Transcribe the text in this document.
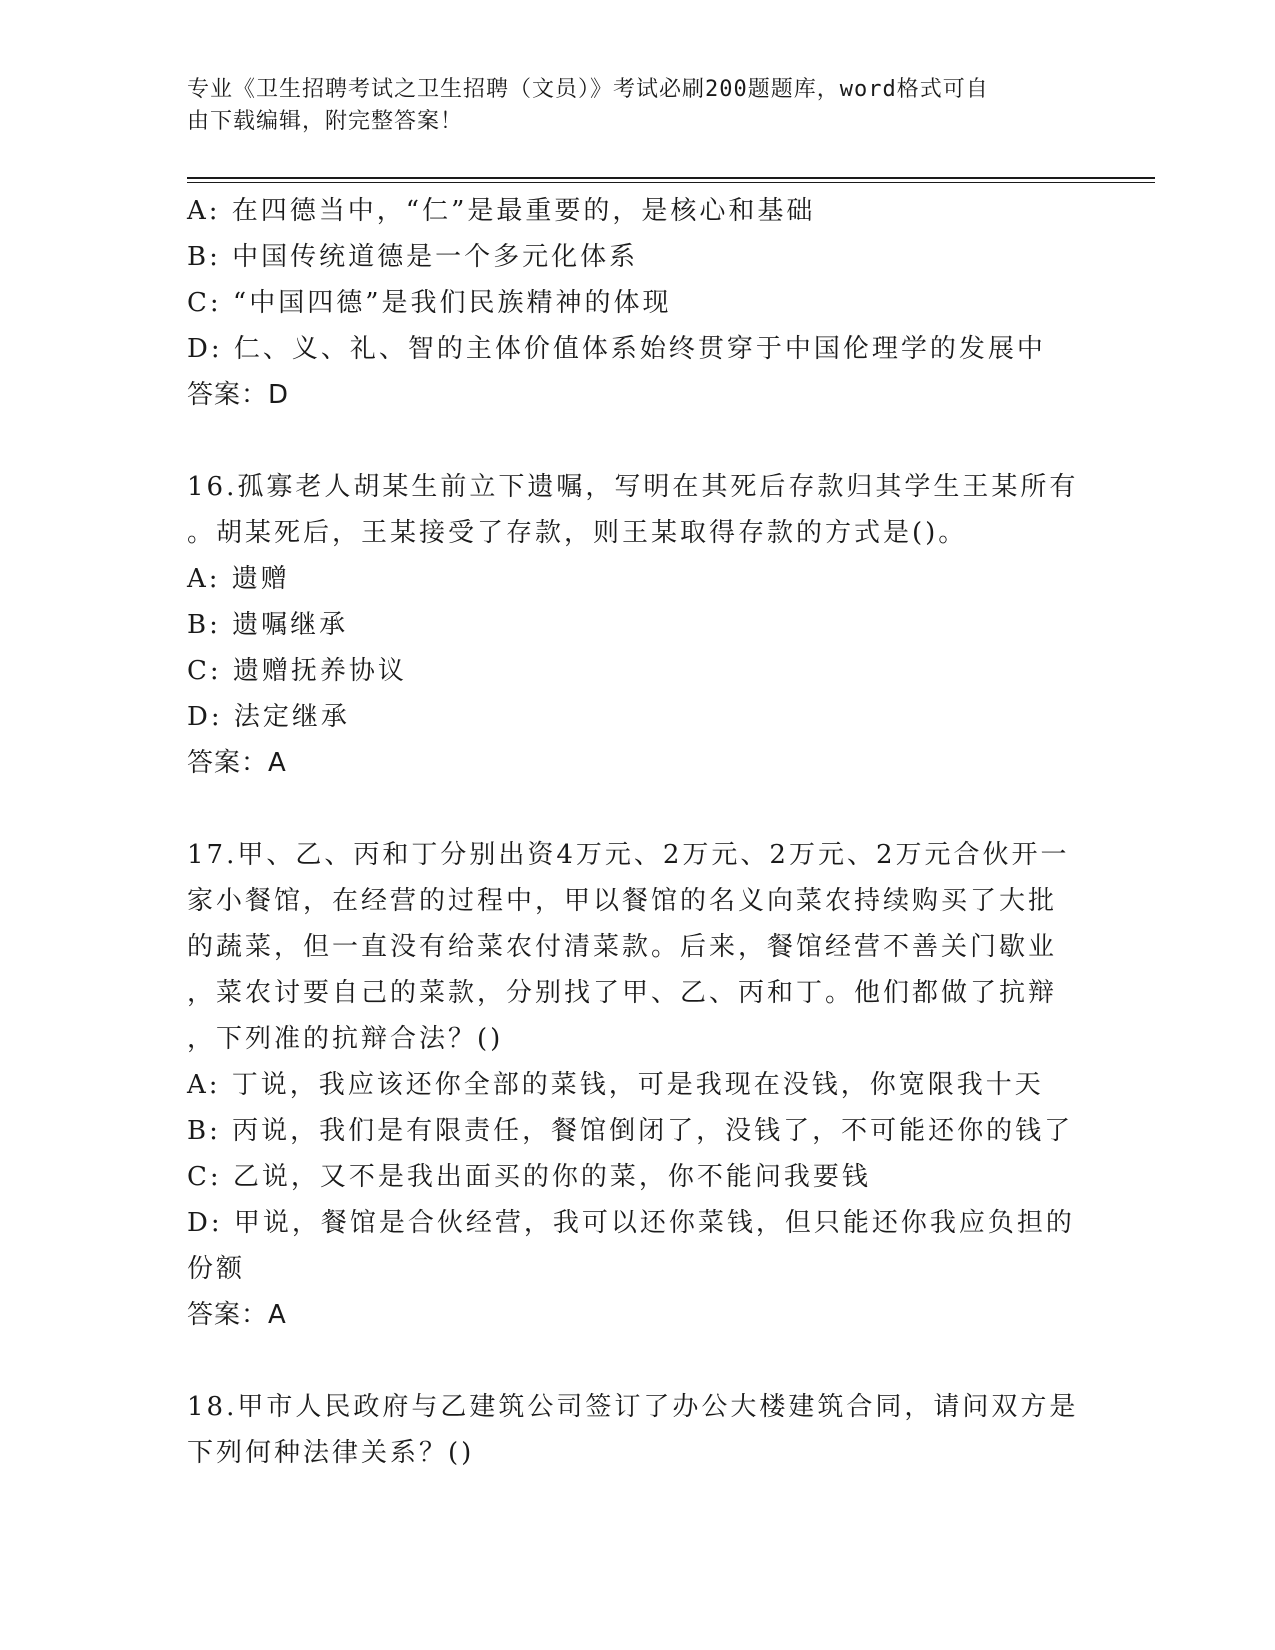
专业《卫生招聘考试之卫生招聘（文员）》考试必刷200题题库，word格式可自
由下载编辑，附完整答案！
A: 在四德当中，“仁”是最重要的，是核心和基础
B: 中国传统道德是一个多元化体系
C: “中国四德”是我们民族精神的体现
D: 仁、义、礼、智的主体价值体系始终贯穿于中国伦理学的发展中
答案：D
16.孤寡老人胡某生前立下遗嘱，写明在其死后存款归其学生王某所有
。胡某死后，王某接受了存款，则王某取得存款的方式是()。
A: 遗赠
B: 遗嘱继承
C: 遗赠抚养协议
D: 法定继承
答案：A
17.甲、乙、丙和丁分别出资4万元、2万元、2万元、2万元合伙开一
家小餐馆，在经营的过程中，甲以餐馆的名义向菜农持续购买了大批
的蔬菜，但一直没有给菜农付清菜款。后来，餐馆经营不善关门歇业
，菜农讨要自己的菜款，分别找了甲、乙、丙和丁。他们都做了抗辩
，下列准的抗辩合法？()
A: 丁说，我应该还你全部的菜钱，可是我现在没钱，你宽限我十天
B: 丙说，我们是有限责任，餐馆倒闭了，没钱了，不可能还你的钱了
C: 乙说，又不是我出面买的你的菜，你不能问我要钱
D: 甲说，餐馆是合伙经营，我可以还你菜钱，但只能还你我应负担的
份额
答案：A
18.甲市人民政府与乙建筑公司签订了办公大楼建筑合同，请问双方是
下列何种法律关系？()
